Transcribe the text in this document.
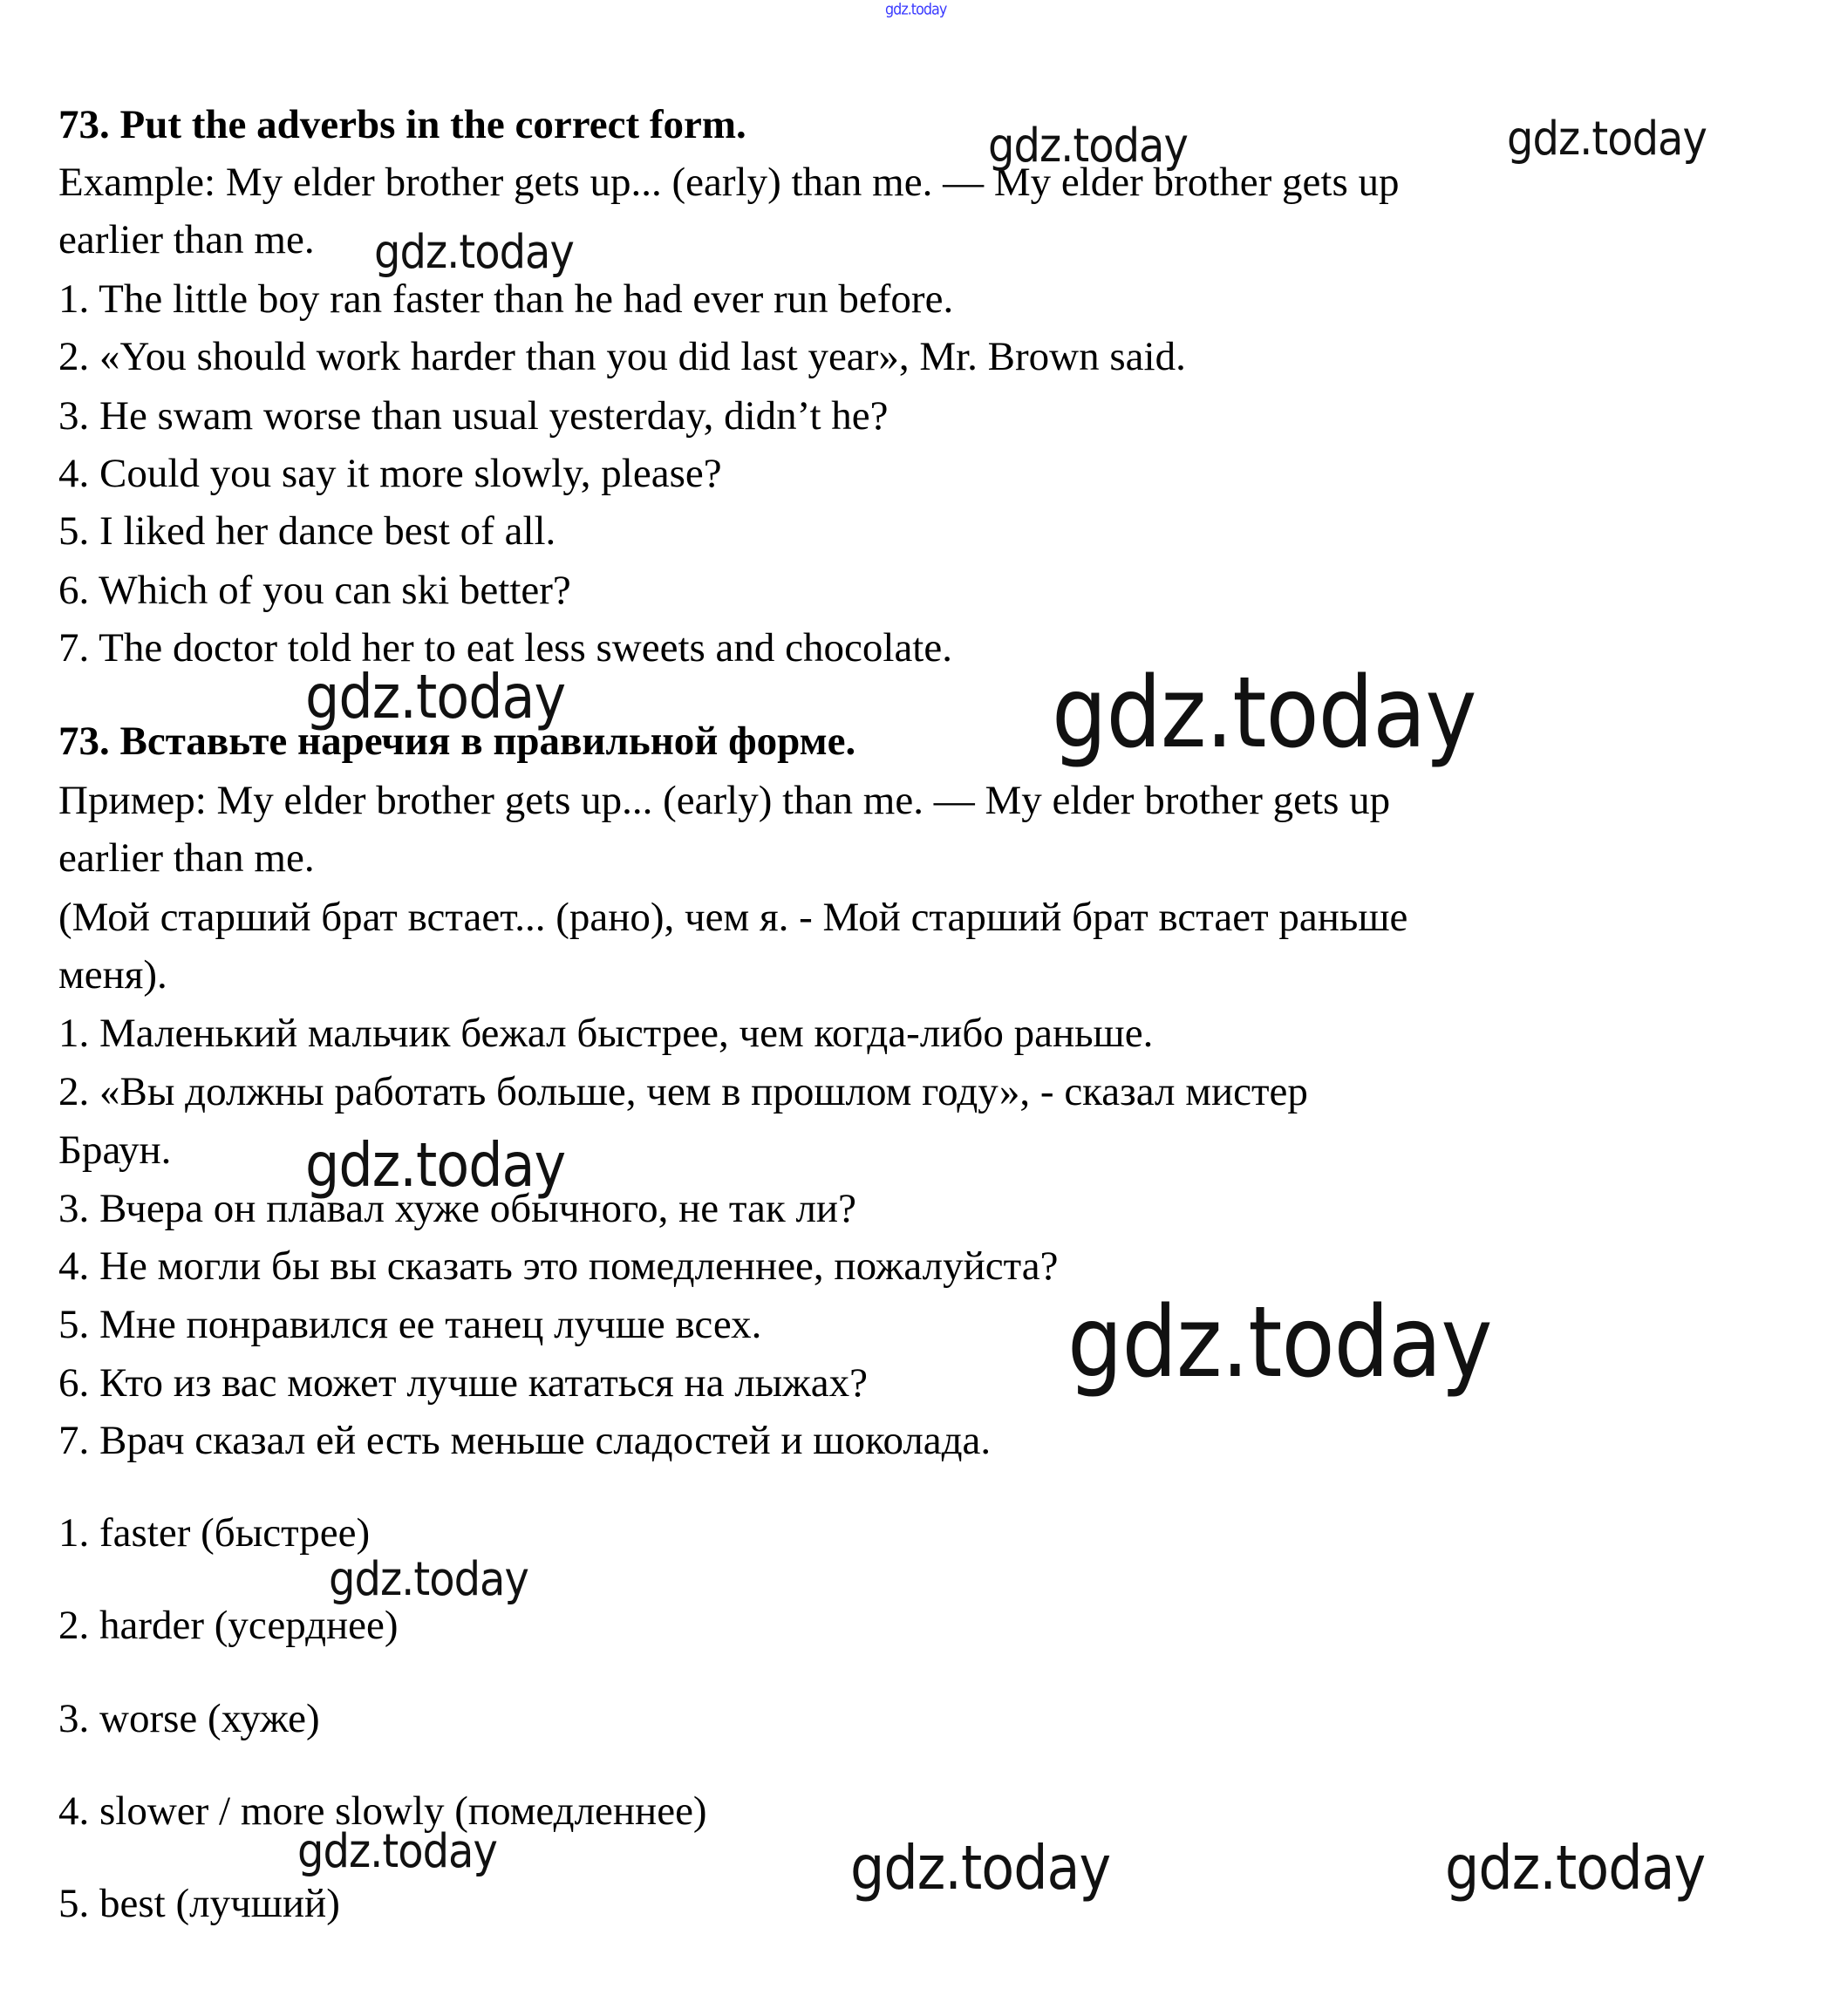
73. Put the adverbs in the correct form.
Example: My elder brother gets up... (early) than me. — My elder brother gets up
earlier than me.
1. The little boy ran faster than he had ever run before.
2. «You should work harder than you did last year», Mr. Brown said.
3. He swam worse than usual yesterday, didn’t he?
4. Could you say it more slowly, please?
5. I liked her dance best of all.
6. Which of you can ski better?
7. The doctor told her to eat less sweets and chocolate.
73. Вставьте наречия в правильной форме.
Пример: My elder brother gets up... (early) than me. — My elder brother gets up
earlier than me.
(Мой старший брат встает... (рано), чем я. - Мой старший брат встает раньше
меня).
1. Маленький мальчик бежал быстрее, чем когда-либо раньше.
2. «Вы должны работать больше, чем в прошлом году», - сказал мистер
Браун.
3. Вчера он плавал хуже обычного, не так ли?
4. Не могли бы вы сказать это помедленнее, пожалуйста?
5. Мне понравился ее танец лучше всех.
6. Кто из вас может лучше кататься на лыжах?
7. Врач сказал ей есть меньше сладостей и шоколада.
1. faster (быстрее)
2. harder (усерднее)
3. worse (хуже)
4. slower / more slowly (помедленнее)
5. best (лучший)
gdz.today
gdz.today	gdz.today
gdz.today
gdz.today	gdz.today
gdz.today
gdz.today
gdz.today
gdz.today	gdz.today	gdz.today
